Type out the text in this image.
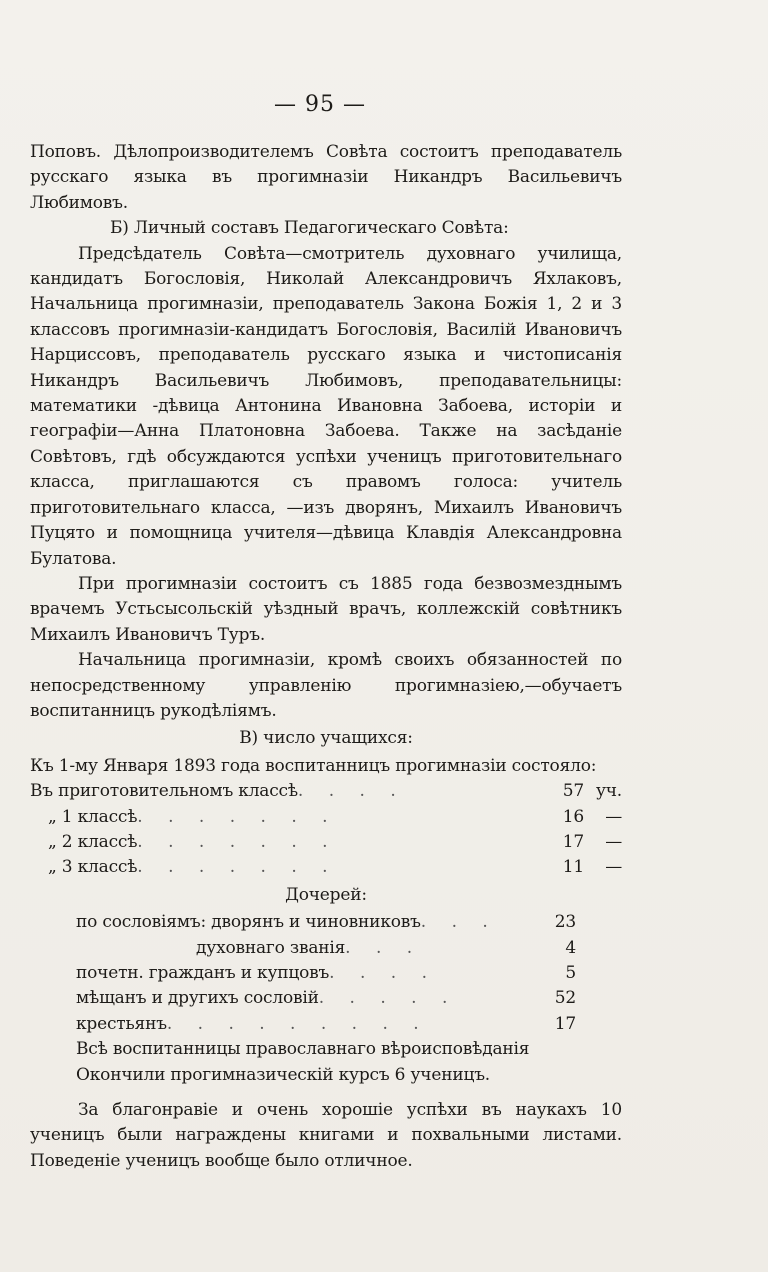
— 95 —

Поповъ. Дѣлопроизводителемъ Совѣта состоитъ преподаватель русскаго языка въ прогимназіи Никандръ Васильевичъ Любимовъ.

Б) Личный составъ Педагогическаго Совѣта:

Предсѣдатель Совѣта—смотритель духовнаго училища, кандидатъ Богословія, Николай Александровичъ Яхлаковъ, Начальница прогимназіи, преподаватель Закона Божія 1, 2 и 3 классовъ прогимназіи-кандидатъ Богословія, Василій Ивановичъ Нарциссовъ, преподаватель русскаго языка и чистописанія Никандръ Васильевичъ Любимовъ, преподавательницы: математики -дѣвица Антонина Ивановна Забоева, исторіи и географіи—Анна Платоновна Забоева. Также на засѣданіе Совѣтовъ, гдѣ обсуждаются успѣхи ученицъ приготовительнаго класса, приглашаются съ правомъ голоса: учитель приготовительнаго класса, —изъ дворянъ, Михаилъ Ивановичъ Пуцято и помощница учителя—дѣвица Клавдія Александровна Булатова.

При прогимназіи состоитъ съ 1885 года безвозмезднымъ врачемъ Устьсысольскій уѣздный врачъ, коллежскій совѣтникъ Михаилъ Ивановичъ Туръ.

Начальница прогимназіи, кромѣ своихъ обязанностей по непосредственному управленію прогимназіею,—обучаетъ воспитанницъ рукодѣліямъ.

В) число учащихся:

Къ 1-му Января 1893 года воспитанницъ прогимназіи состояло:

Въ приготовительномъ классѣ . . . .	57 уч.
„ 1 классѣ . . . . . . .	16	—
„ 2 классѣ . . . . . . .	17	—
„ 3 классѣ . . . . . . .	11	—

Дочерей:

по сословіямъ: дворянъ и чиновниковъ . . .	23
духовнаго званія . . .	4
почетн. гражданъ и купцовъ . . . .	5
мѣщанъ и другихъ сословій . . . . .	52
крестьянъ . . . . . . . . .	17

Всѣ воспитанницы православнаго вѣроисповѣданія

Окончили прогимназическій курсъ 6 ученицъ.

За благонравіе и очень хорошіе успѣхи въ наукахъ 10 ученицъ были награждены книгами и похвальными листами. Поведеніе ученицъ вообще было отличное.
